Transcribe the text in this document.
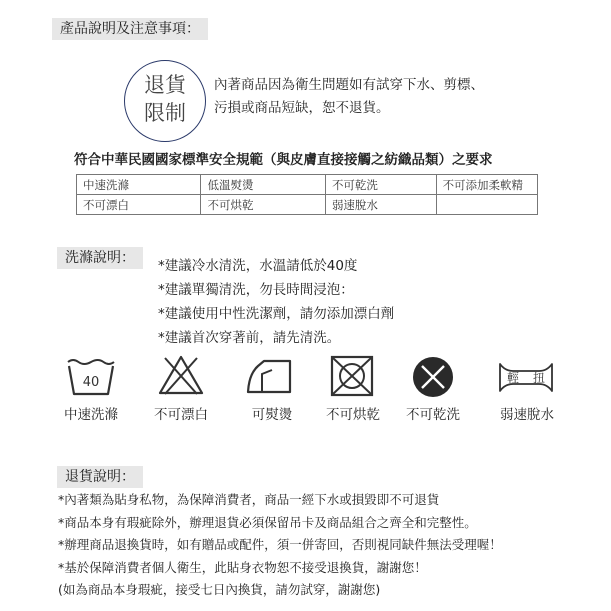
產品說明及注意事項：
退貨
限制
內著商品因為衛生問題如有試穿下水、剪標、
污損或商品短缺，恕不退貨。
符合中華民國國家標準安全規範（與皮膚直接接觸之紡織品類）之要求
中速洗滌	低溫熨燙	不可乾洗	不可添加柔軟精
不可漂白	不可烘乾	弱速脫水	
洗滌說明：	*建議冷水清洗，水溫請低於40度
*建議單獨清洗，勿長時間浸泡：
*建議使用中性洗潔劑，請勿添加漂白劑
*建議首次穿著前，請先清洗。
40	輕 扭
中速洗滌	不可漂白	可熨燙	不可烘乾	不可乾洗	弱速脫水
退貨說明：
*內著類為貼身私物，為保障消費者，商品一經下水或損毀即不可退貨
*商品本身有瑕疵除外，辦理退貨必須保留吊卡及商品組合之齊全和完整性。
*辦理商品退換貨時，如有贈品或配件，須一併寄回，否則視同缺件無法受理喔！
*基於保障消費者個人衛生，此貼身衣物恕不接受退換貨，謝謝您！
(如為商品本身瑕疵，接受七日內換貨，請勿試穿，謝謝您)
